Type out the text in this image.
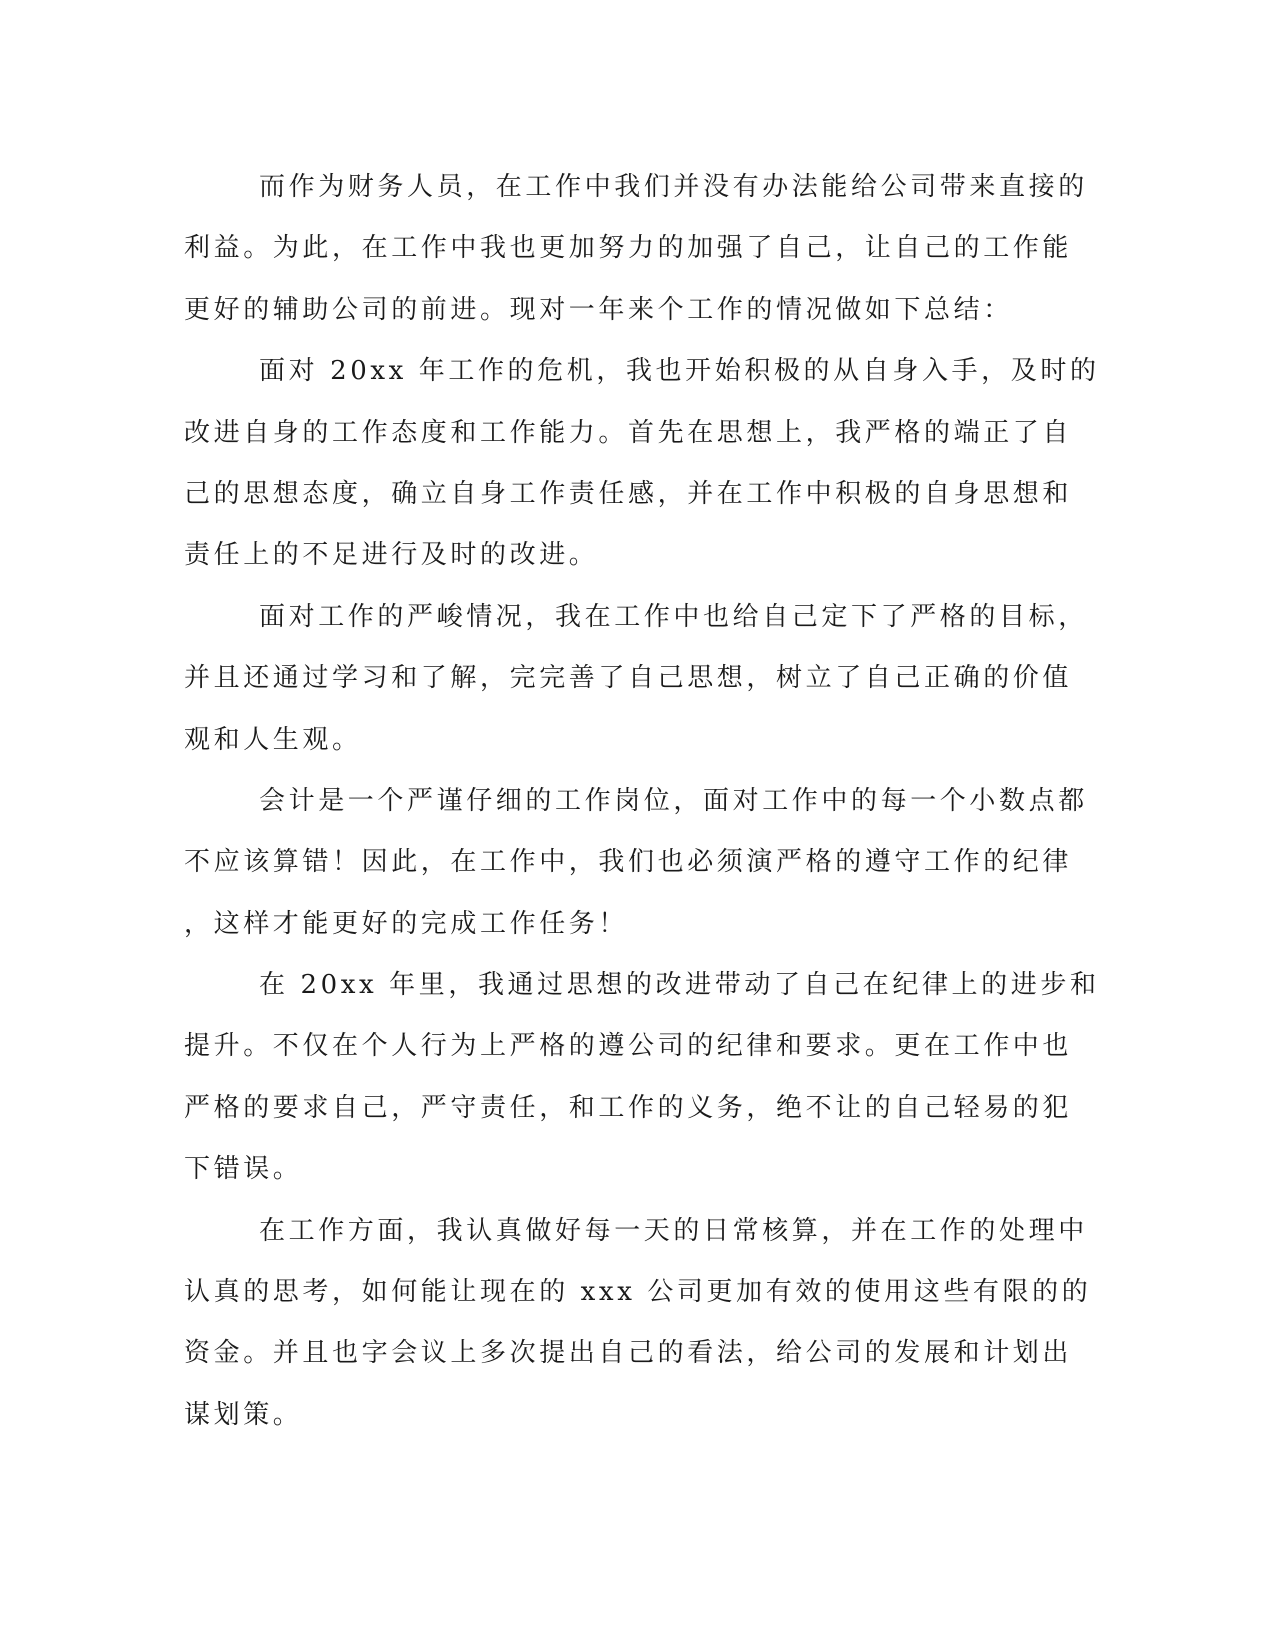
而作为财务人员，在工作中我们并没有办法能给公司带来直接的
利益。为此，在工作中我也更加努力的加强了自己，让自己的工作能
更好的辅助公司的前进。现对一年来个工作的情况做如下总结：
面对 20xx 年工作的危机，我也开始积极的从自身入手，及时的
改进自身的工作态度和工作能力。首先在思想上，我严格的端正了自
己的思想态度，确立自身工作责任感，并在工作中积极的自身思想和
责任上的不足进行及时的改进。
面对工作的严峻情况，我在工作中也给自己定下了严格的目标，
并且还通过学习和了解，完完善了自己思想，树立了自己正确的价值
观和人生观。
会计是一个严谨仔细的工作岗位，面对工作中的每一个小数点都
不应该算错！因此，在工作中，我们也必须演严格的遵守工作的纪律
，这样才能更好的完成工作任务！
在 20xx 年里，我通过思想的改进带动了自己在纪律上的进步和
提升。不仅在个人行为上严格的遵公司的纪律和要求。更在工作中也
严格的要求自己，严守责任，和工作的义务，绝不让的自己轻易的犯
下错误。
在工作方面，我认真做好每一天的日常核算，并在工作的处理中
认真的思考，如何能让现在的 xxx 公司更加有效的使用这些有限的的
资金。并且也字会议上多次提出自己的看法，给公司的发展和计划出
谋划策。
